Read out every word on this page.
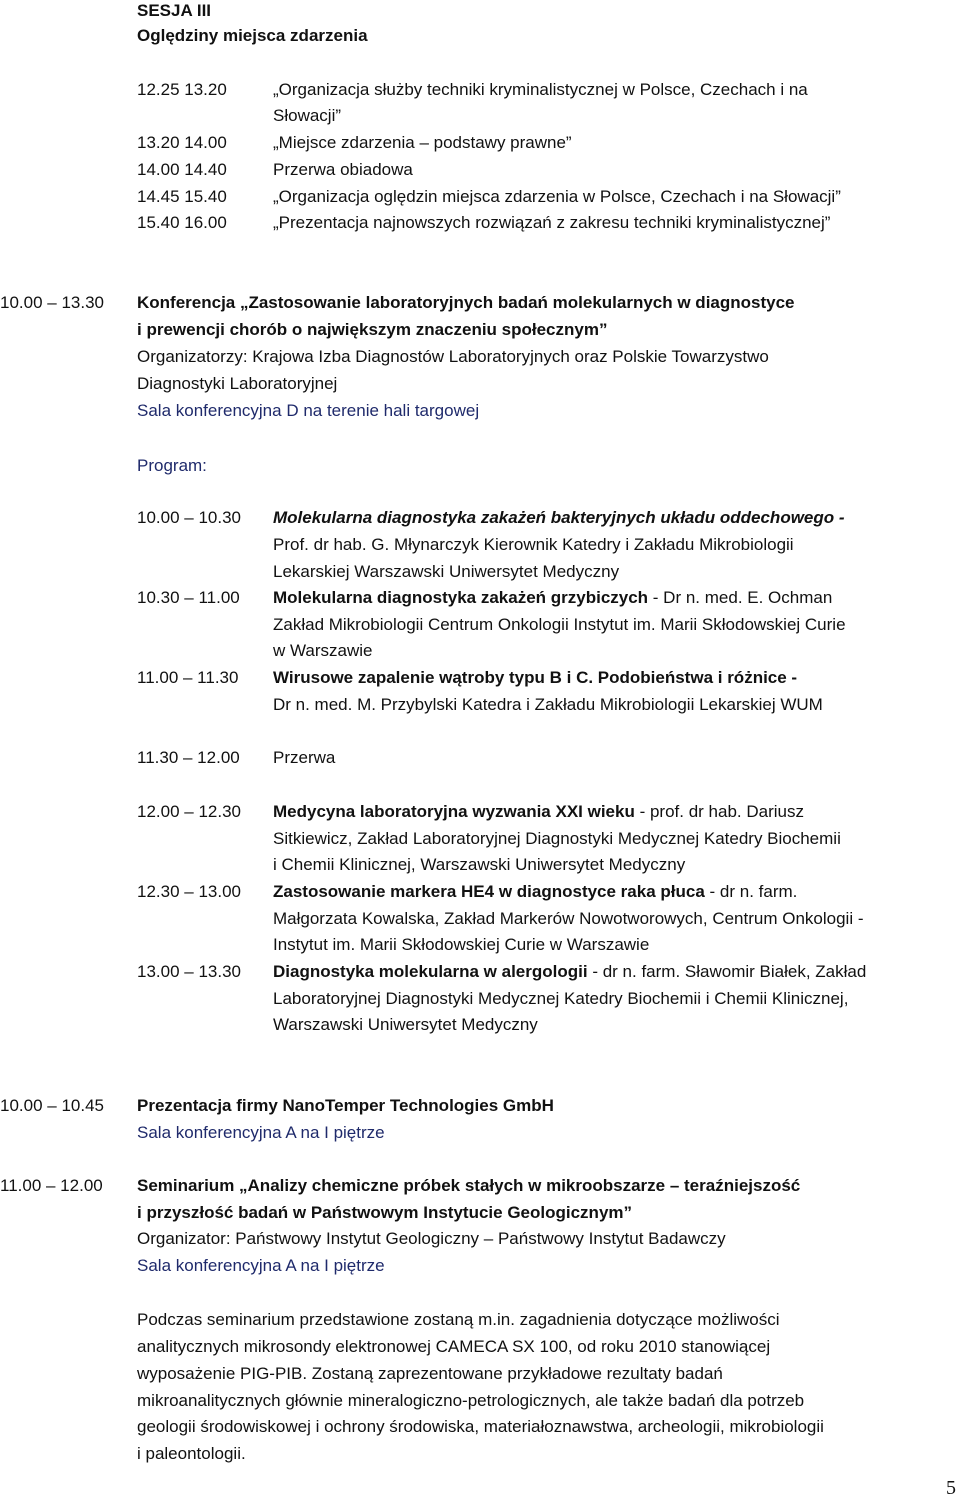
SESJA III
Oględziny miejsca zdarzenia
12.25 13.20	„Organizacja służby techniki kryminalistycznej w Polsce, Czechach i na
Słowacji”
13.20 14.00	„Miejsce zdarzenia – podstawy prawne”
14.00 14.40	Przerwa obiadowa
14.45 15.40	„Organizacja oględzin miejsca zdarzenia w Polsce, Czechach i na Słowacji”
15.40 16.00	„Prezentacja najnowszych rozwiązań z zakresu techniki kryminalistycznej”
10.00 – 13.30 Konferencja „Zastosowanie laboratoryjnych badań molekularnych w diagnostyce
i prewencji chorób o największym znaczeniu społecznym”
Organizatorzy: Krajowa Izba Diagnostów Laboratoryjnych oraz Polskie Towarzystwo
Diagnostyki Laboratoryjnej
Sala konferencyjna D na terenie hali targowej
Program:
10.00 – 10.30 Molekularna diagnostyka zakażeń bakteryjnych układu oddechowego -
Prof. dr hab. G. Młynarczyk Kierownik Katedry i Zakładu Mikrobiologii
Lekarskiej Warszawski Uniwersytet Medyczny
10.30 – 11.00 Molekularna diagnostyka zakażeń grzybiczych - Dr n. med. E. Ochman
Zakład Mikrobiologii Centrum Onkologii Instytut im. Marii Skłodowskiej Curie
w Warszawie
11.00 – 11.30 Wirusowe zapalenie wątroby typu B i C. Podobieństwa i różnice -
Dr n. med. M. Przybylski Katedra i Zakładu Mikrobiologii Lekarskiej WUM
11.30 – 12.00 Przerwa
12.00 – 12.30 Medycyna laboratoryjna wyzwania XXI wieku - prof. dr hab. Dariusz
Sitkiewicz, Zakład Laboratoryjnej Diagnostyki Medycznej Katedry Biochemii
i Chemii Klinicznej, Warszawski Uniwersytet Medyczny
12.30 – 13.00 Zastosowanie markera HE4 w diagnostyce raka płuca - dr n. farm.
Małgorzata Kowalska, Zakład Markerów Nowotworowych, Centrum Onkologii -
Instytut im. Marii Skłodowskiej Curie w Warszawie
13.00 – 13.30 Diagnostyka molekularna w alergologii - dr n. farm. Sławomir Białek, Zakład
Laboratoryjnej Diagnostyki Medycznej Katedry Biochemii i Chemii Klinicznej,
Warszawski Uniwersytet Medyczny
10.00 – 10.45 Prezentacja firmy NanoTemper Technologies GmbH
Sala konferencyjna A na I piętrze
11.00 – 12.00 Seminarium „Analizy chemiczne próbek stałych w mikroobszarze – teraźniejszość
i przyszłość badań w Państwowym Instytucie Geologicznym”
Organizator: Państwowy Instytut Geologiczny – Państwowy Instytut Badawczy
Sala konferencyjna A na I piętrze
Podczas seminarium przedstawione zostaną m.in. zagadnienia dotyczące możliwości
analitycznych mikrosondy elektronowej CAMECA SX 100, od roku 2010 stanowiącej
wyposażenie PIG-PIB. Zostaną zaprezentowane przykładowe rezultaty badań
mikroanalitycznych głównie mineralogiczno-petrologicznych, ale także badań dla potrzeb
geologii środowiskowej i ochrony środowiska, materiałoznawstwa, archeologii, mikrobiologii
i paleontologii.
5
